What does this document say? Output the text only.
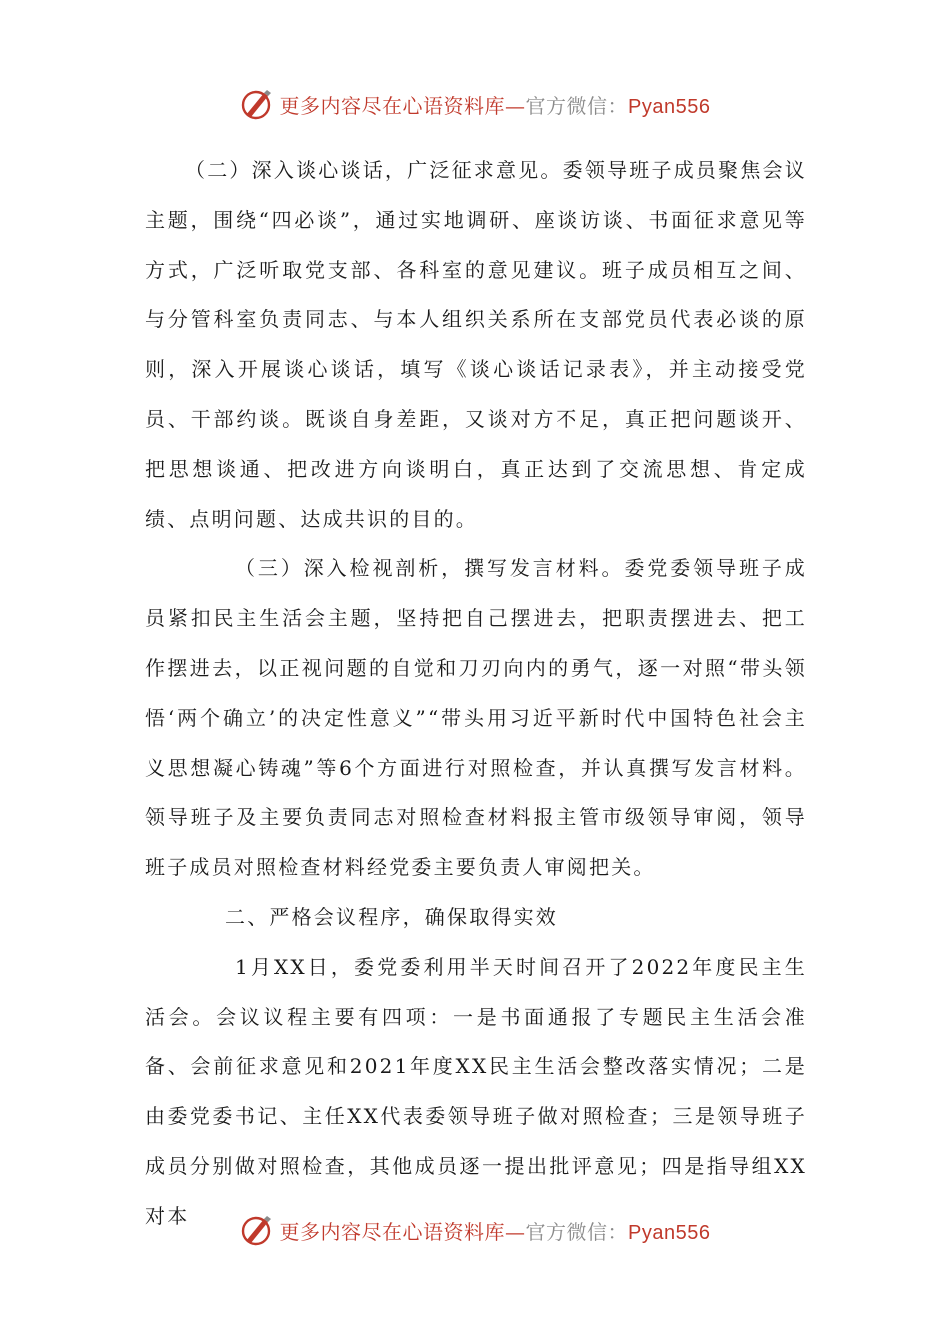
更多内容尽在心语资料库—官方微信：Pyan556

（二）深入谈心谈话，广泛征求意见。委领导班子成员聚焦会议主题，围绕“四必谈”，通过实地调研、座谈访谈、书面征求意见等方式，广泛听取党支部、各科室的意见建议。班子成员相互之间、与分管科室负责同志、与本人组织关系所在支部党员代表必谈的原则，深入开展谈心谈话，填写《谈心谈话记录表》，并主动接受党员、干部约谈。既谈自身差距，又谈对方不足，真正把问题谈开、把思想谈通、把改进方向谈明白，真正达到了交流思想、肯定成绩、点明问题、达成共识的目的。

（三）深入检视剖析，撰写发言材料。委党委领导班子成员紧扣民主生活会主题，坚持把自己摆进去，把职责摆进去、把工作摆进去，以正视问题的自觉和刀刃向内的勇气，逐一对照“带头领悟‘两个确立’的决定性意义”“带头用习近平新时代中国特色社会主义思想凝心铸魂”等6个方面进行对照检查，并认真撰写发言材料。领导班子及主要负责同志对照检查材料报主管市级领导审阅，领导班子成员对照检查材料经党委主要负责人审阅把关。

二、严格会议程序，确保取得实效

1月XX日，委党委利用半天时间召开了2022年度民主生活会。会议议程主要有四项：一是书面通报了专题民主生活会准备、会前征求意见和2021年度XX民主生活会整改落实情况；二是由委党委书记、主任XX代表委领导班子做对照检查；三是领导班子成员分别做对照检查，其他成员逐一提出批评意见；四是指导组XX对本

更多内容尽在心语资料库—官方微信：Pyan556
